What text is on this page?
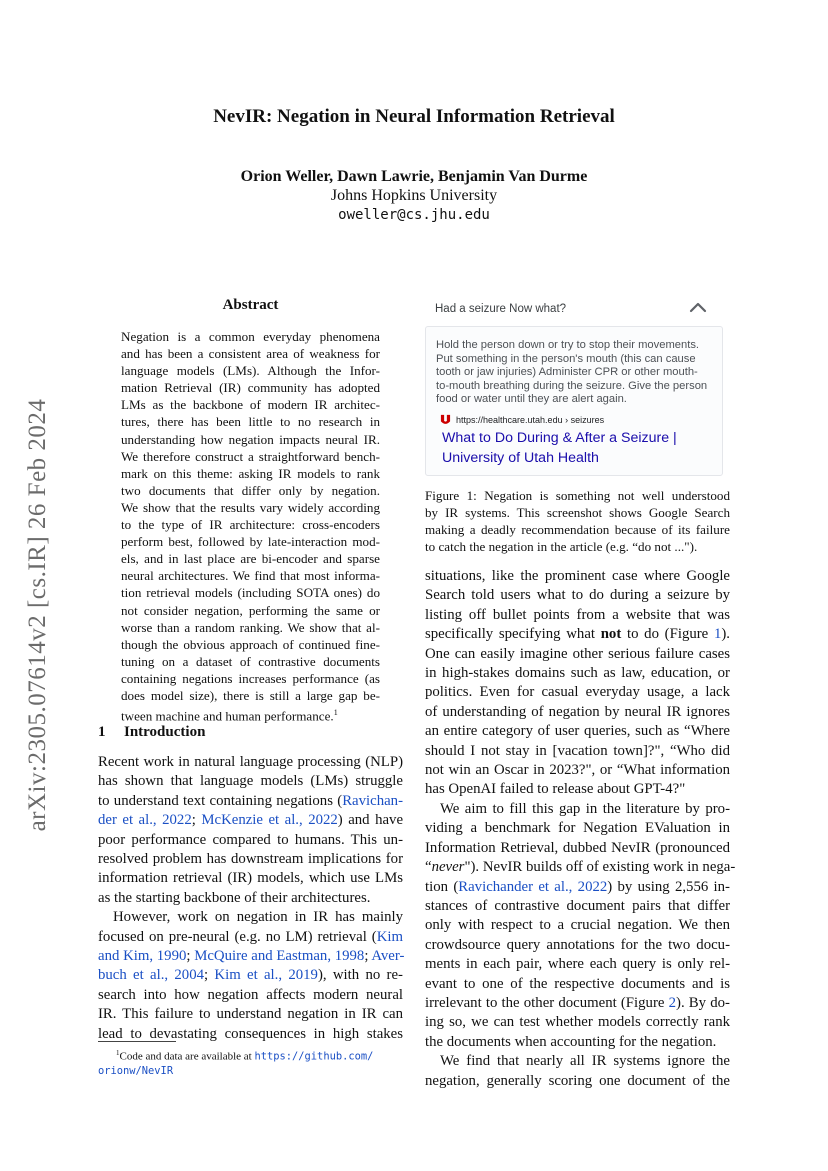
arXiv:2305.07614v2 [cs.IR] 26 Feb 2024
NevIR: Negation in Neural Information Retrieval
Orion Weller, Dawn Lawrie, Benjamin Van Durme
Johns Hopkins University
oweller@cs.jhu.edu
Abstract
Negation is a common everyday phenomena
and has been a consistent area of weakness for
language models (LMs). Although the Infor-
mation Retrieval (IR) community has adopted
LMs as the backbone of modern IR architec-
tures, there has been little to no research in
understanding how negation impacts neural IR.
We therefore construct a straightforward bench-
mark on this theme: asking IR models to rank
two documents that differ only by negation.
We show that the results vary widely according
to the type of IR architecture: cross-encoders
perform best, followed by late-interaction mod-
els, and in last place are bi-encoder and sparse
neural architectures. We find that most informa-
tion retrieval models (including SOTA ones) do
not consider negation, performing the same or
worse than a random ranking. We show that al-
though the obvious approach of continued fine-
tuning on a dataset of contrastive documents
containing negations increases performance (as
does model size), there is still a large gap be-
tween machine and human performance.$^1$
1 Introduction
Recent work in natural language processing (NLP)
has shown that language models (LMs) struggle
to understand text containing negations (Ravichan-
der et al., 2022; McKenzie et al., 2022) and have
poor performance compared to humans. This un-
resolved problem has downstream implications for
information retrieval (IR) models, which use LMs
as the starting backbone of their architectures.
However, work on negation in IR has mainly
focused on pre-neural (e.g. no LM) retrieval (Kim
and Kim, 1990; McQuire and Eastman, 1998; Aver-
buch et al., 2004; Kim et al., 2019), with no re-
search into how negation affects modern neural
IR. This failure to understand negation in IR can
lead to devastating consequences in high stakes
$^1$Code and data are available at https://github.com/
orionw/NevIR
Had a seizure Now what?
Hold the person down or try to stop their movements.
Put something in the person's mouth (this can cause
tooth or jaw injuries) Administer CPR or other mouth-
to-mouth breathing during the seizure. Give the person
food or water until they are alert again.
https://healthcare.utah.edu › seizures
What to Do During & After a Seizure |
University of Utah Health
Figure 1: Negation is something not well understood
by IR systems. This screenshot shows Google Search
making a deadly recommendation because of its failure
to catch the negation in the article (e.g. “do not ...").
situations, like the prominent case where Google
Search told users what to do during a seizure by
listing off bullet points from a website that was
specifically specifying what not to do (Figure 1).
One can easily imagine other serious failure cases
in high-stakes domains such as law, education, or
politics. Even for casual everyday usage, a lack
of understanding of negation by neural IR ignores
an entire category of user queries, such as “Where
should I not stay in [vacation town]?", “Who did
not win an Oscar in 2023?", or “What information
has OpenAI failed to release about GPT-4?"
We aim to fill this gap in the literature by pro-
viding a benchmark for Negation EValuation in
Information Retrieval, dubbed NevIR (pronounced
“never"). NevIR builds off of existing work in nega-
tion (Ravichander et al., 2022) by using 2,556 in-
stances of contrastive document pairs that differ
only with respect to a crucial negation. We then
crowdsource query annotations for the two docu-
ments in each pair, where each query is only rel-
evant to one of the respective documents and is
irrelevant to the other document (Figure 2). By do-
ing so, we can test whether models correctly rank
the documents when accounting for the negation.
We find that nearly all IR systems ignore the
negation, generally scoring one document of the
